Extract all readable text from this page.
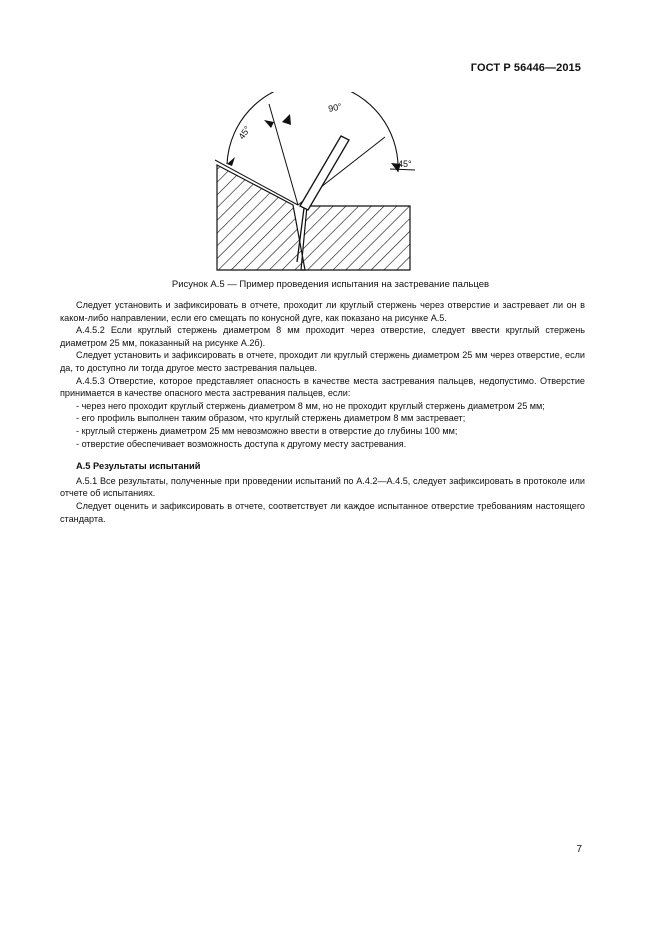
ГОСТ Р 56446—2015
90°
45°
45°
Рисунок А.5 — Пример проведения испытания на застревание пальцев

Следует установить и зафиксировать в отчете, проходит ли круглый стержень через отверстие и застревает ли он в каком-либо направлении, если его смещать по конусной дуге, как показано на рисунке А.5.

А.4.5.2 Если круглый стержень диаметром 8 мм проходит через отверстие, следует ввести круглый стержень диаметром 25 мм, показанный на рисунке А.2б).

Следует установить и зафиксировать в отчете, проходит ли круглый стержень диаметром 25 мм через отверстие, если да, то доступно ли тогда другое место застревания пальцев.

А.4.5.3 Отверстие, которое представляет опасность в качестве места застревания пальцев, недопустимо. Отверстие принимается в качестве опасного места застревания пальцев, если:

- через него проходит круглый стержень диаметром 8 мм, но не проходит круглый стержень диаметром 25 мм;

- его профиль выполнен таким образом, что круглый стержень диаметром 8 мм застревает;

- круглый стержень диаметром 25 мм невозможно ввести в отверстие до глубины 100 мм;

- отверстие обеспечивает возможность доступа к другому месту застревания.

А.5 Результаты испытаний

А.5.1 Все результаты, полученные при проведении испытаний по А.4.2—А.4.5, следует зафиксировать в протоколе или отчете об испытаниях.

Следует оценить и зафиксировать в отчете, соответствует ли каждое испытанное отверстие требованиям настоящего стандарта.

7
